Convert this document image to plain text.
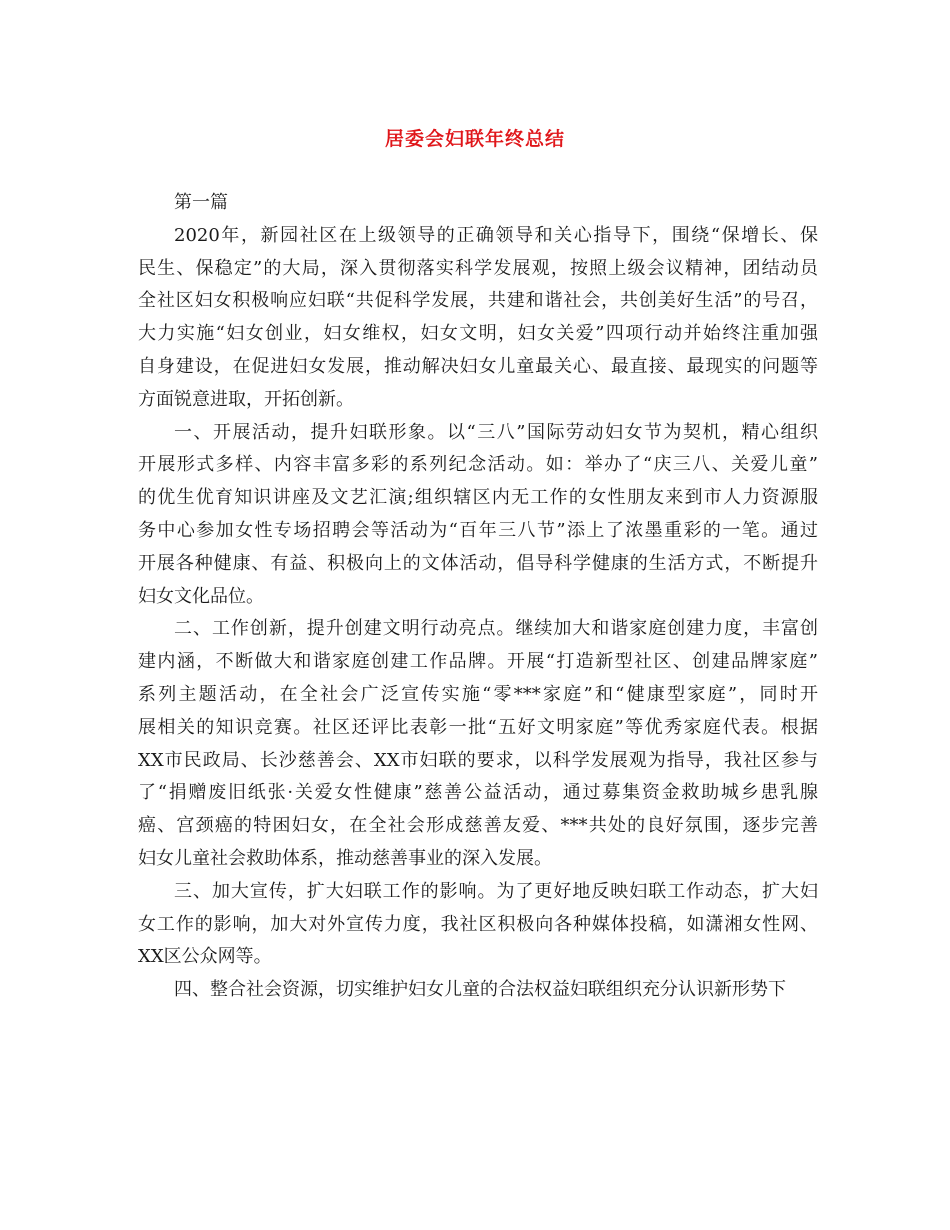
居委会妇联年终总结

第一篇

2020年，新园社区在上级领导的正确领导和关心指导下，围绕“保增长、保
民生、保稳定”的大局，深入贯彻落实科学发展观，按照上级会议精神，团结动员
全社区妇女积极响应妇联“共促科学发展，共建和谐社会，共创美好生活”的号召，
大力实施“妇女创业，妇女维权，妇女文明，妇女关爱”四项行动并始终注重加强
自身建设，在促进妇女发展，推动解决妇女儿童最关心、最直接、最现实的问题等
方面锐意进取，开拓创新。

一、开展活动，提升妇联形象。以“三八”国际劳动妇女节为契机，精心组织
开展形式多样、内容丰富多彩的系列纪念活动。如：举办了“庆三八、关爱儿童”
的优生优育知识讲座及文艺汇演;组织辖区内无工作的女性朋友来到市人力资源服
务中心参加女性专场招聘会等活动为“百年三八节”添上了浓墨重彩的一笔。通过
开展各种健康、有益、积极向上的文体活动，倡导科学健康的生活方式，不断提升
妇女文化品位。

二、工作创新，提升创建文明行动亮点。继续加大和谐家庭创建力度，丰富创
建内涵，不断做大和谐家庭创建工作品牌。开展“打造新型社区、创建品牌家庭”
系列主题活动，在全社会广泛宣传实施“零***家庭”和“健康型家庭”，同时开
展相关的知识竞赛。社区还评比表彰一批“五好文明家庭”等优秀家庭代表。根据
XX市民政局、长沙慈善会、XX市妇联的要求，以科学发展观为指导，我社区参与
了“捐赠废旧纸张·关爱女性健康”慈善公益活动，通过募集资金救助城乡患乳腺
癌、宫颈癌的特困妇女，在全社会形成慈善友爱、***共处的良好氛围，逐步完善
妇女儿童社会救助体系，推动慈善事业的深入发展。

三、加大宣传，扩大妇联工作的影响。为了更好地反映妇联工作动态，扩大妇
女工作的影响，加大对外宣传力度，我社区积极向各种媒体投稿，如潇湘女性网、
XX区公众网等。

四、整合社会资源，切实维护妇女儿童的合法权益妇联组织充分认识新形势下
